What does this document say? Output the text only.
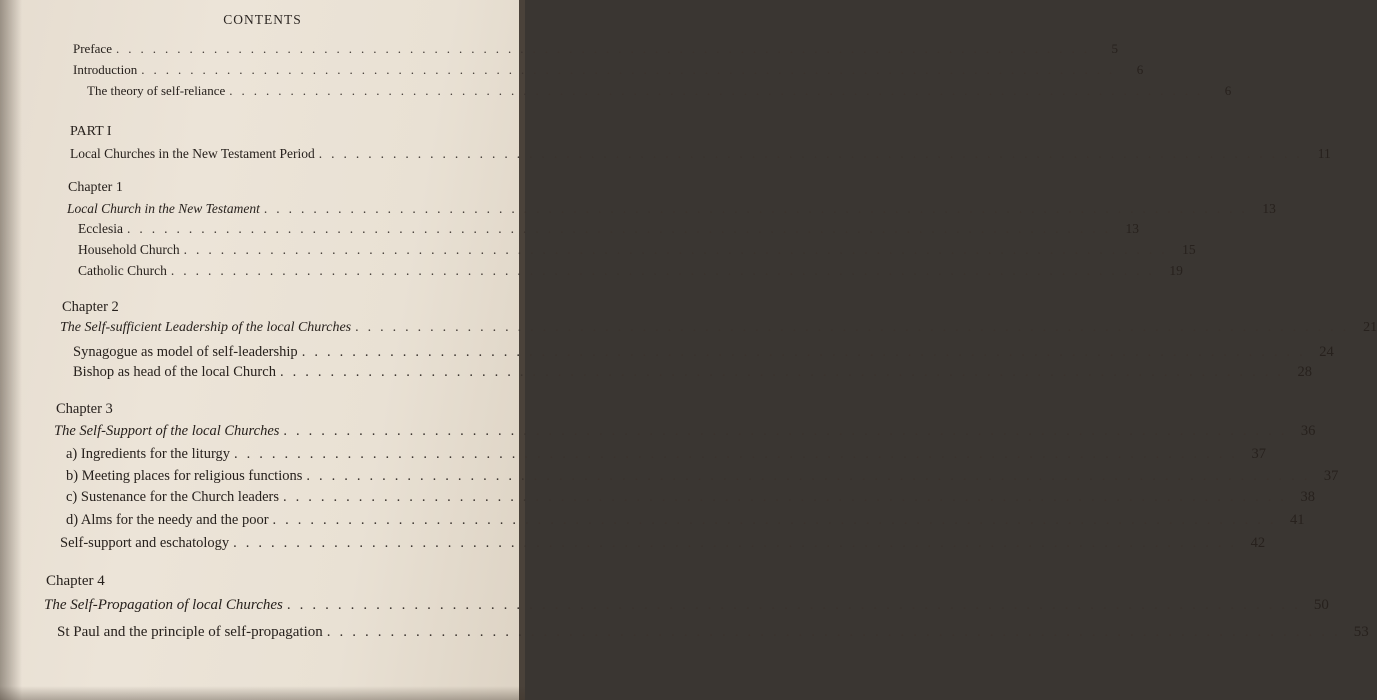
CONTENTS
Preface ................................................................................	5
Introduction ................................................................................	6
The theory of self-reliance ................................................................................	6
PART I
Local Churches in the New Testament Period ................................................................................ 11
Chapter 1
Local Church in the New Testament ................................................................................ 13
Ecclesia ................................................................................ 13
Household Church ................................................................................ 15
Catholic Church ................................................................................ 19
Chapter 2
The Self-sufficient Leadership of the local Churches ................................................................................ 21
Synagogue as model of self-leadership ................................................................................ 24
Bishop as head of the local Church ................................................................................ 28
Chapter 3
The Self-Support of the local Churches ................................................................................ 36
a) Ingredients for the liturgy ................................................................................ 37
b) Meeting places for religious functions ................................................................................ 37
c) Sustenance for the Church leaders ................................................................................ 38
d) Alms for the needy and the poor ................................................................................ 41
Self-support and eschatology ................................................................................ 42
Chapter 4
The Self-Propagation of local Churches ................................................................................ 50
St Paul and the principle of self-propagation ................................................................................ 53
